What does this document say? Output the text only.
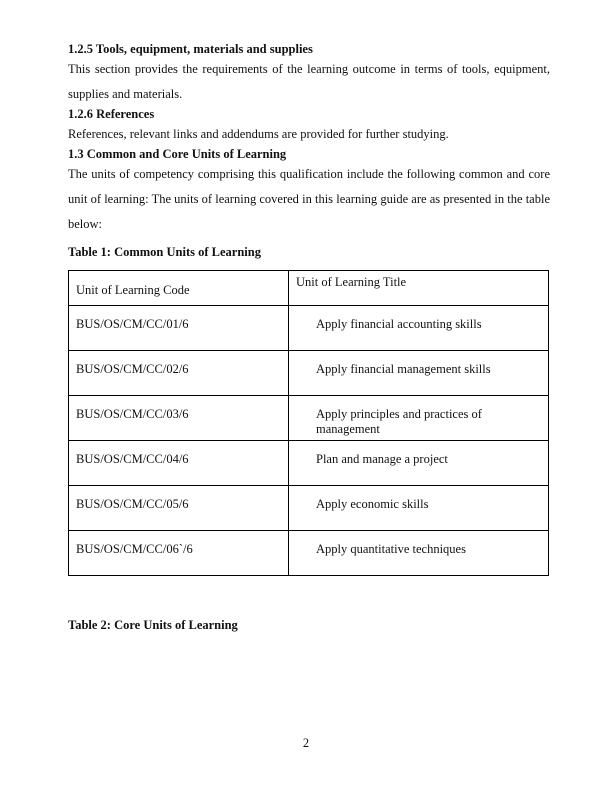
1.2.5 Tools, equipment, materials and supplies

This section provides the requirements of the learning outcome in terms of tools, equipment, supplies and materials.

1.2.6 References

References, relevant links and addendums are provided for further studying.

1.3 Common and Core Units of Learning

The units of competency comprising this qualification include the following common and core unit of learning: The units of learning covered in this learning guide are as presented in the table below:

Table 1: Common Units of Learning

Unit of Learning Code	Unit of Learning Title
BUS/OS/CM/CC/01/6	Apply financial accounting skills
BUS/OS/CM/CC/02/6	Apply financial management skills
BUS/OS/CM/CC/03/6	Apply principles and practices of management
BUS/OS/CM/CC/04/6	Plan and manage a project
BUS/OS/CM/CC/05/6	Apply economic skills
BUS/OS/CM/CC/06`/6	Apply quantitative techniques

Table 2: Core Units of Learning

2
